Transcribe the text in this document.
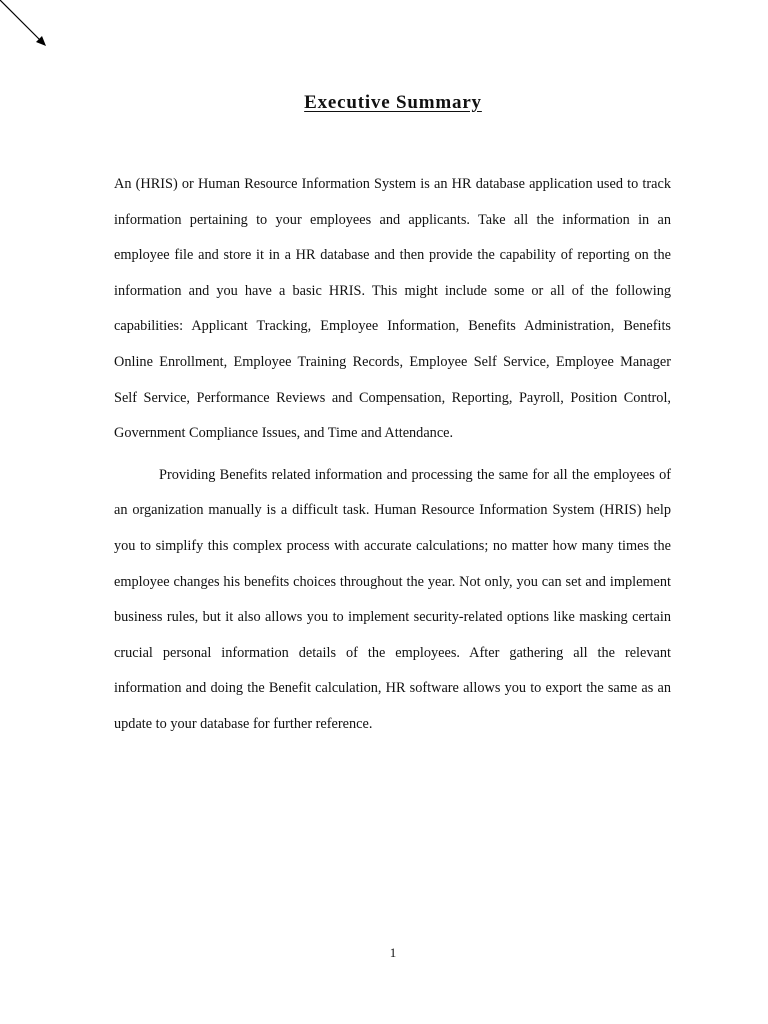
Executive Summary

An (HRIS) or Human Resource Information System is an HR database application used to track information pertaining to your employees and applicants. Take all the information in an employee file and store it in a HR database and then provide the capability of reporting on the information and you have a basic HRIS. This might include some or all of the following capabilities: Applicant Tracking, Employee Information, Benefits Administration, Benefits Online Enrollment, Employee Training Records, Employee Self Service, Employee Manager Self Service, Performance Reviews and Compensation, Reporting, Payroll, Position Control, Government Compliance Issues, and Time and Attendance.

Providing Benefits related information and processing the same for all the employees of an organization manually is a difficult task. Human Resource Information System (HRIS) help you to simplify this complex process with accurate calculations; no matter how many times the employee changes his benefits choices throughout the year. Not only, you can set and implement business rules, but it also allows you to implement security-related options like masking certain crucial personal information details of the employees. After gathering all the relevant information and doing the Benefit calculation, HR software allows you to export the same as an update to your database for further reference.

1
